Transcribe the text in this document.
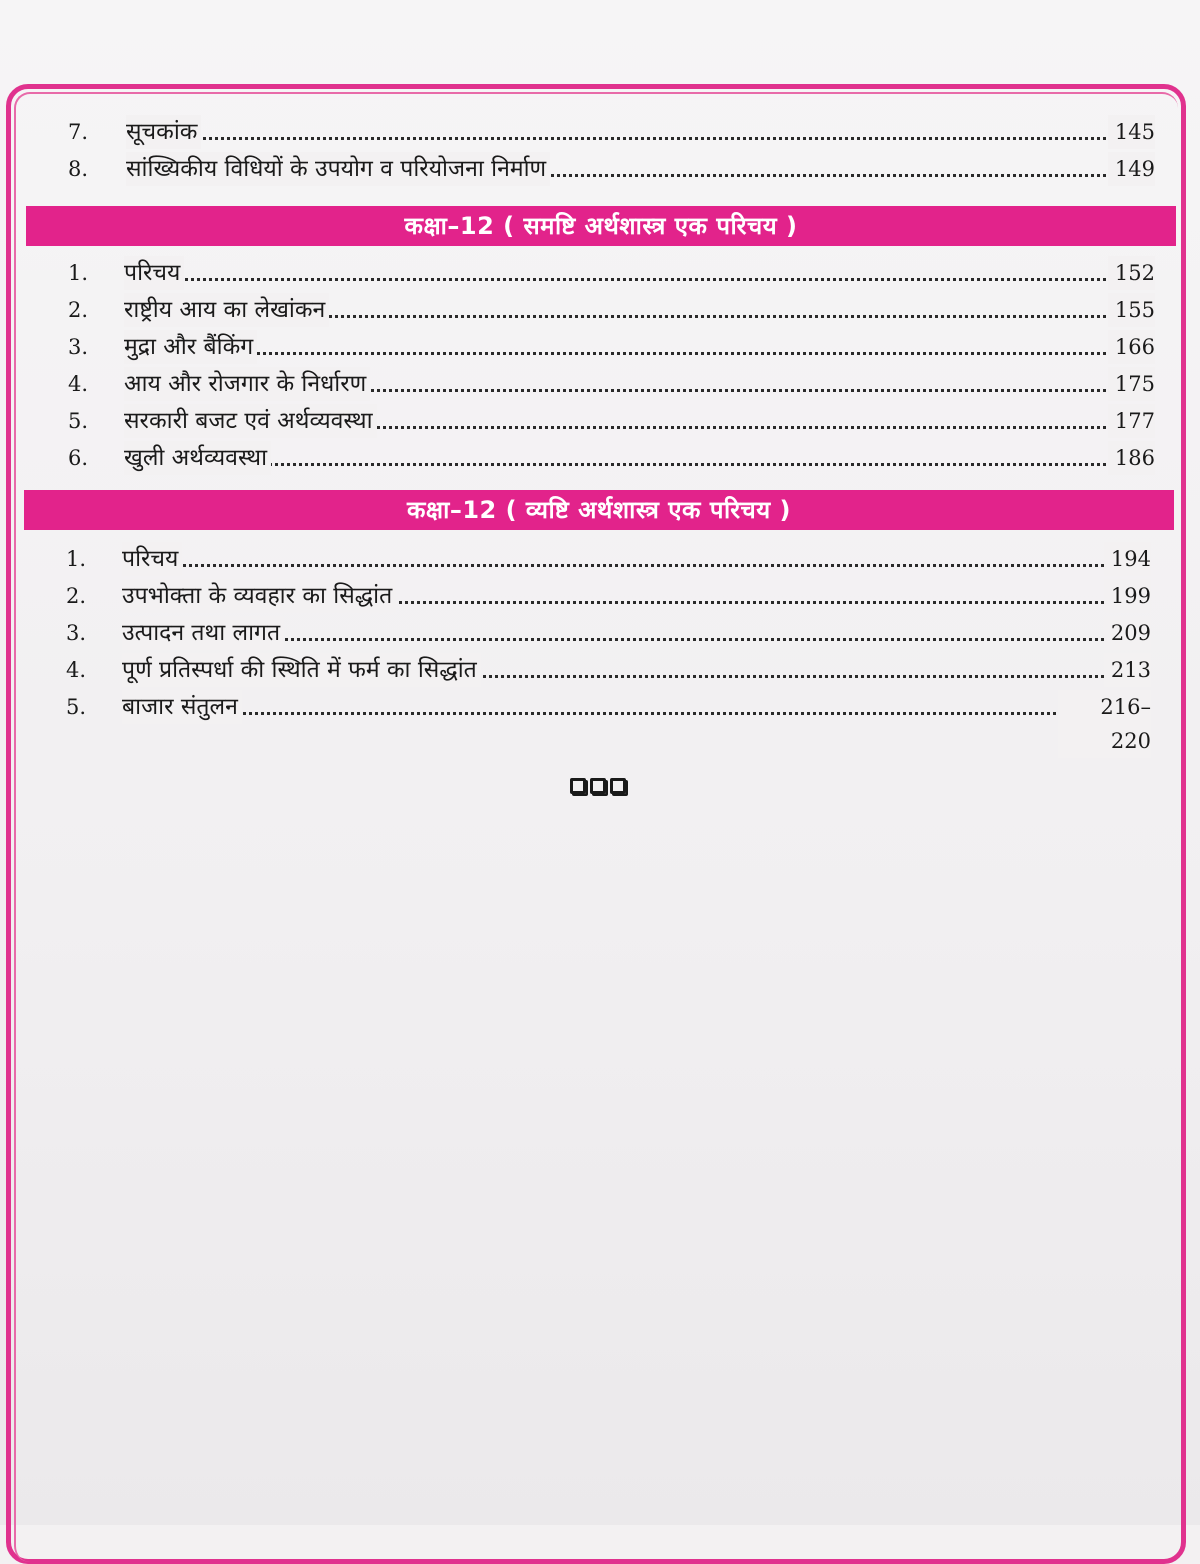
7.	सूचकांक	145
8.	सांख्यिकीय विधियों के उपयोग व परियोजना निर्माण	149
कक्षा–12 ( समष्टि अर्थशास्त्र एक परिचय )
1.	परिचय	152
2.	राष्ट्रीय आय का लेखांकन	155
3.	मुद्रा और बैंकिंग	166
4.	आय और रोजगार के निर्धारण	175
5.	सरकारी बजट एवं अर्थव्यवस्था	177
6.	खुली अर्थव्यवस्था	186
कक्षा–12 ( व्यष्टि अर्थशास्त्र एक परिचय )
1.	परिचय	194
2.	उपभोक्ता के व्यवहार का सिद्धांत	199
3.	उत्पादन तथा लागत	209
4.	पूर्ण प्रतिस्पर्धा की स्थिति में फर्म का सिद्धांत	213
5.	बाजार संतुलन	216–220
